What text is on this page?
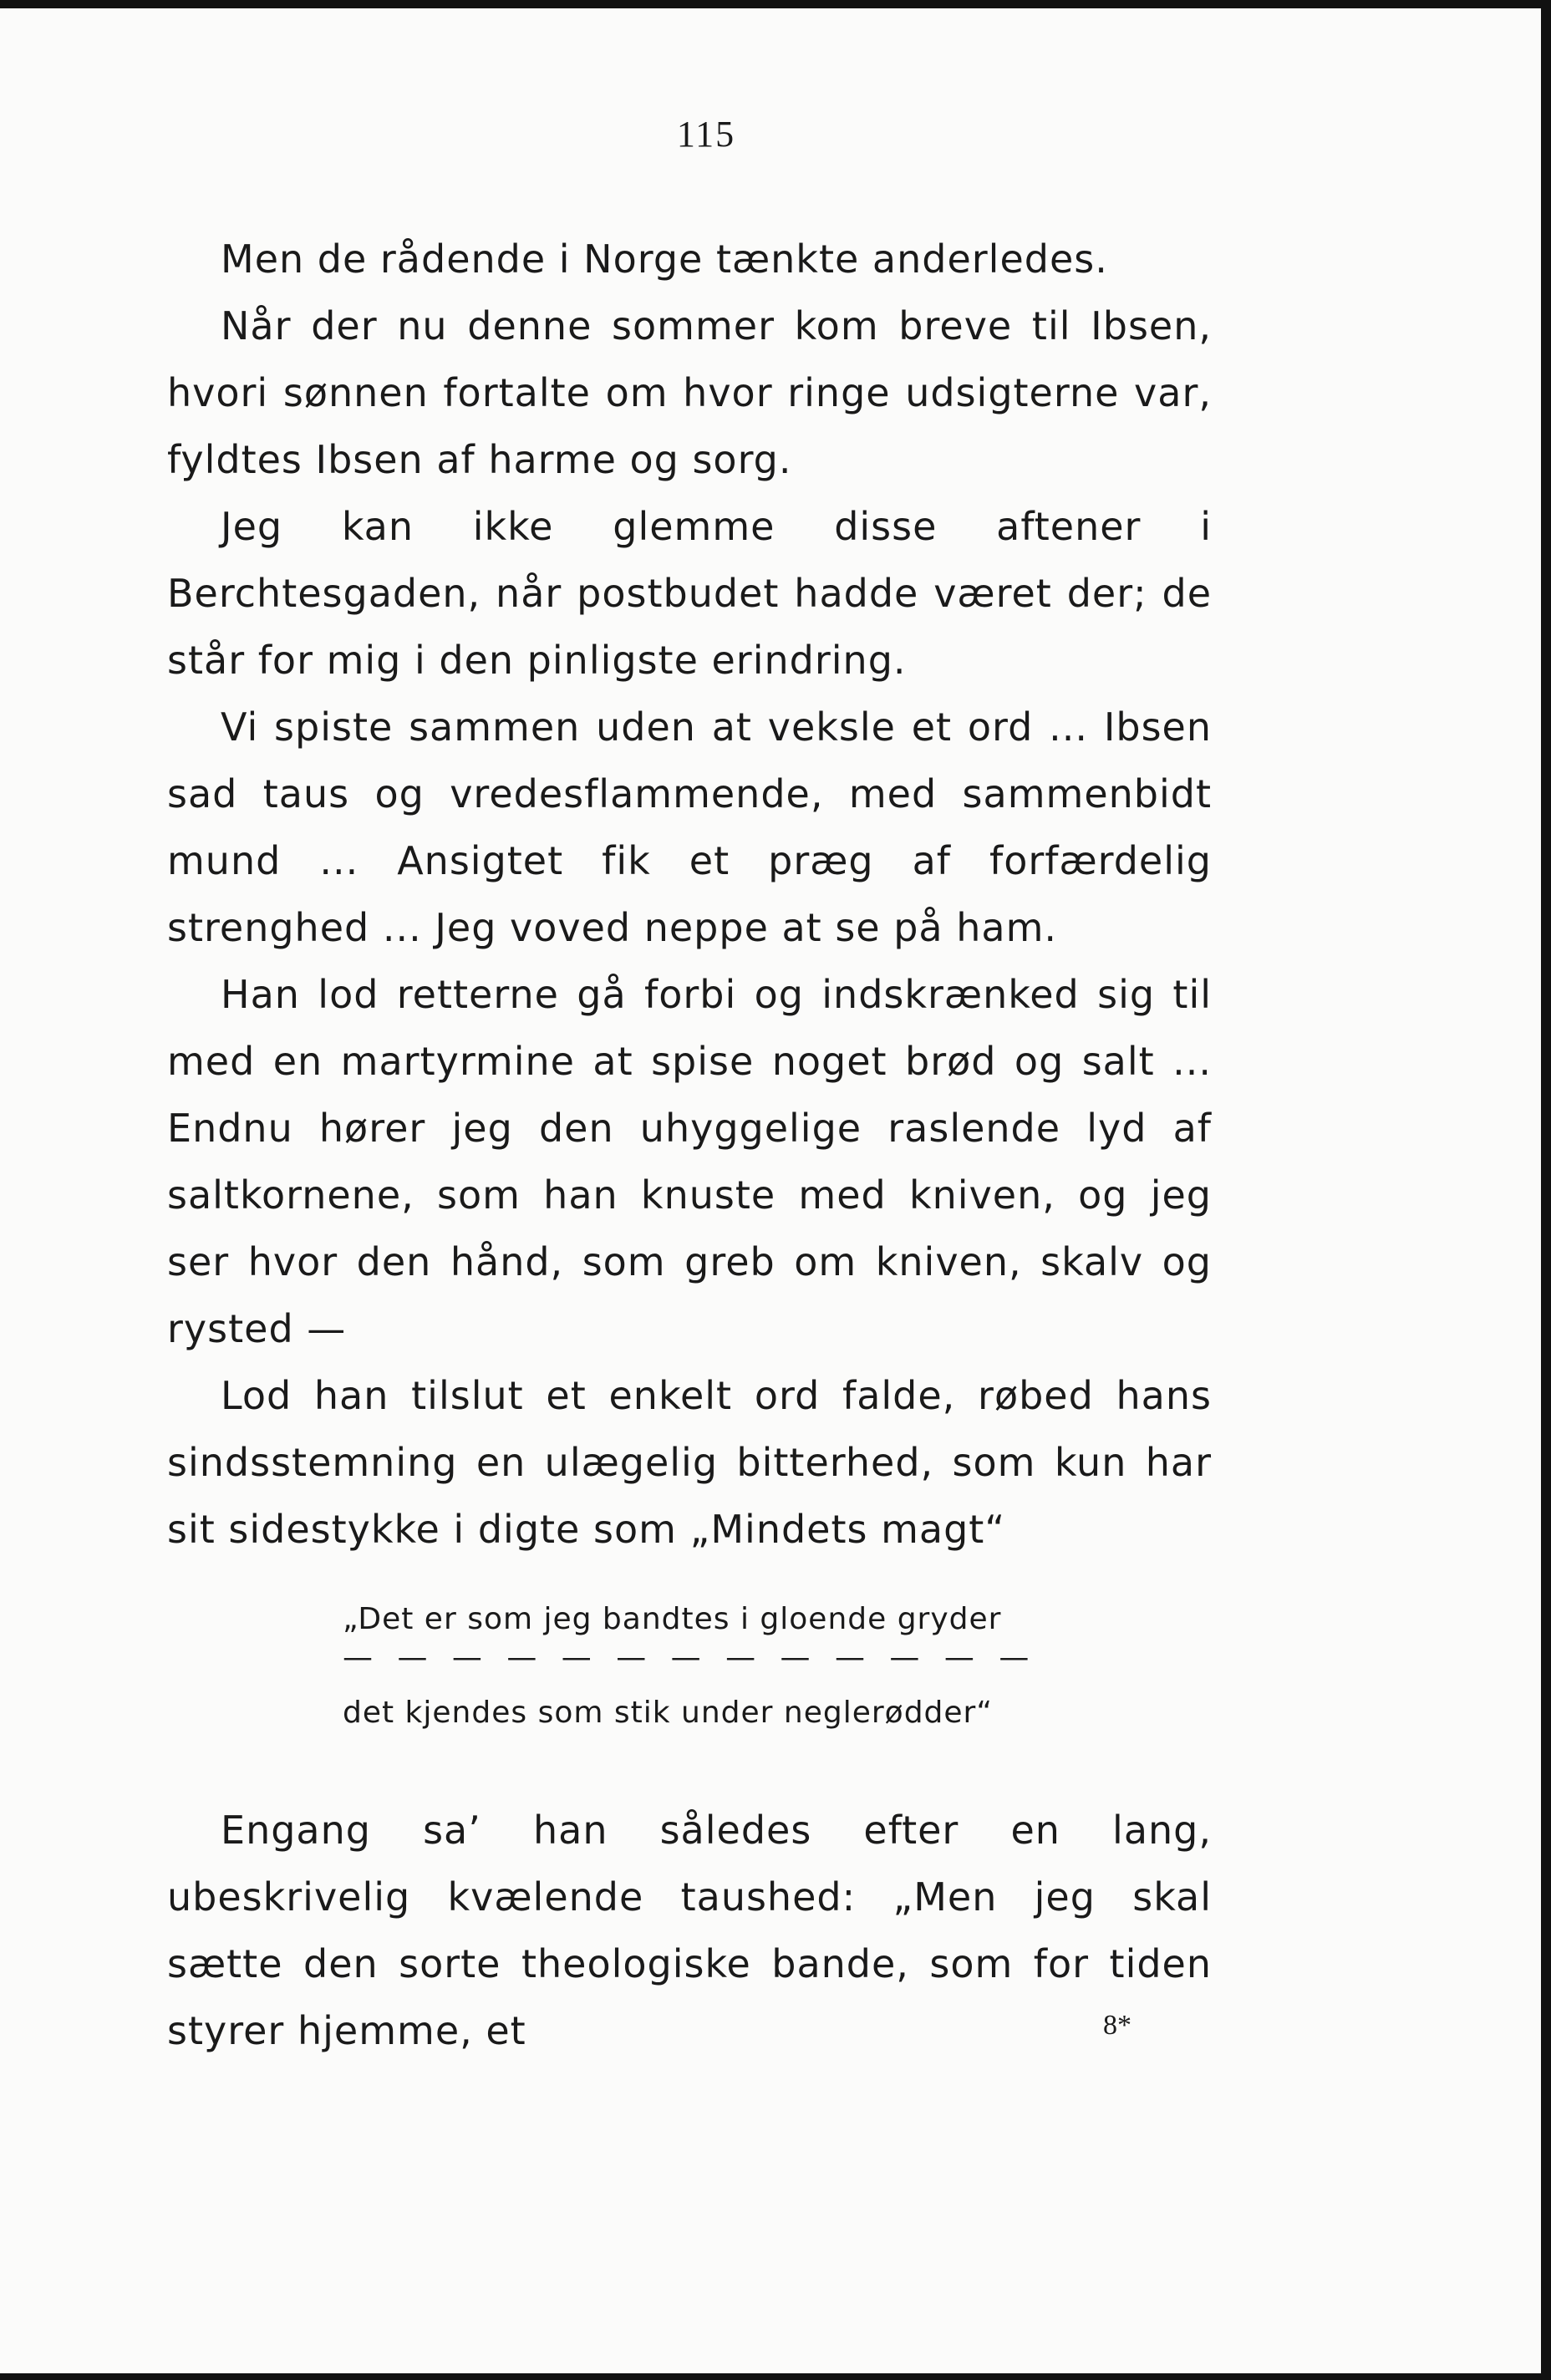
115

Men de rådende i Norge tænkte anderledes.

Når der nu denne sommer kom breve til Ibsen, hvori sønnen fortalte om hvor ringe udsigterne var, fyldtes Ibsen af harme og sorg.

Jeg kan ikke glemme disse aftener i Berchtesgaden, når postbudet hadde været der; de står for mig i den pinligste erindring.

Vi spiste sammen uden at veksle et ord ... Ibsen sad taus og vredesflammende, med sammenbidt mund ... Ansigtet fik et præg af forfærdelig strenghed ... Jeg voved neppe at se på ham.

Han lod retterne gå forbi og indskrænked sig til med en martyrmine at spise noget brød og salt ... Endnu hører jeg den uhyggelige raslende lyd af saltkornene, som han knuste med kniven, og jeg ser hvor den hånd, som greb om kniven, skalv og rysted —

Lod han tilslut et enkelt ord falde, røbed hans sindsstemning en ulægelig bitterhed, som kun har sit sidestykke i digte som „Mindets magt“

„Det er som jeg bandtes i gloende gryder
— — — — — — — — — — — — —
det kjendes som stik under neglerødder“

Engang sa’ han således efter en lang, ubeskrivelig kvælende taushed: „Men jeg skal sætte den sorte theologiske bande, som for tiden styrer hjemme, et	8*
